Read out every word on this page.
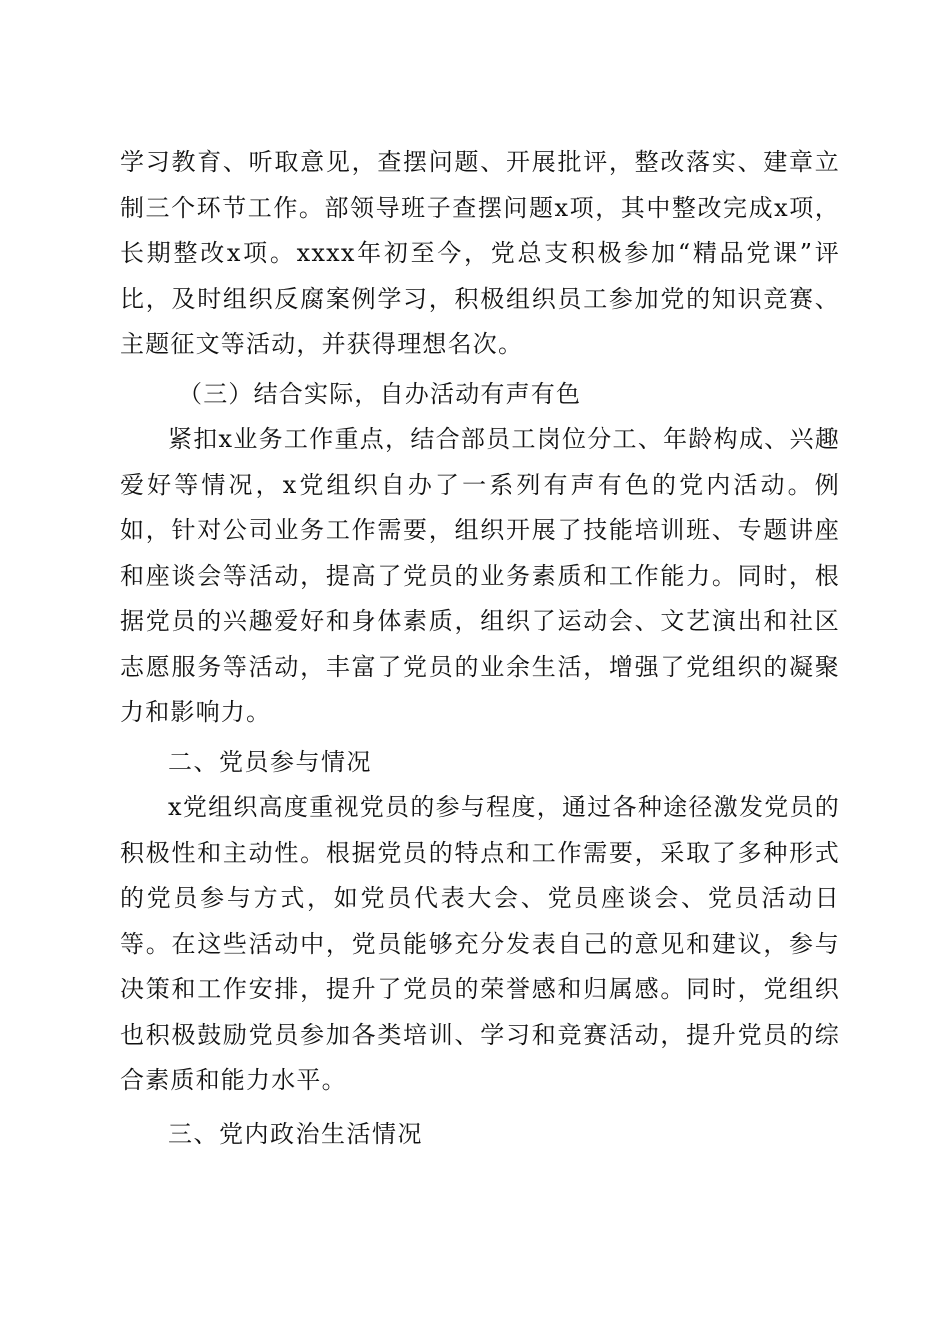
学习教育、听取意见，查摆问题、开展批评，整改落实、建章立制三个环节工作。部领导班子查摆问题x项，其中整改完成x项，长期整改x项。xxxx年初至今，党总支积极参加“精品党课”评比，及时组织反腐案例学习，积极组织员工参加党的知识竞赛、主题征文等活动，并获得理想名次。

（三）结合实际，自办活动有声有色

紧扣x业务工作重点，结合部员工岗位分工、年龄构成、兴趣爱好等情况，x党组织自办了一系列有声有色的党内活动。例如，针对公司业务工作需要，组织开展了技能培训班、专题讲座和座谈会等活动，提高了党员的业务素质和工作能力。同时，根据党员的兴趣爱好和身体素质，组织了运动会、文艺演出和社区志愿服务等活动，丰富了党员的业余生活，增强了党组织的凝聚力和影响力。

二、党员参与情况

x党组织高度重视党员的参与程度，通过各种途径激发党员的积极性和主动性。根据党员的特点和工作需要，采取了多种形式的党员参与方式，如党员代表大会、党员座谈会、党员活动日等。在这些活动中，党员能够充分发表自己的意见和建议，参与决策和工作安排，提升了党员的荣誉感和归属感。同时，党组织也积极鼓励党员参加各类培训、学习和竞赛活动，提升党员的综合素质和能力水平。

三、党内政治生活情况
